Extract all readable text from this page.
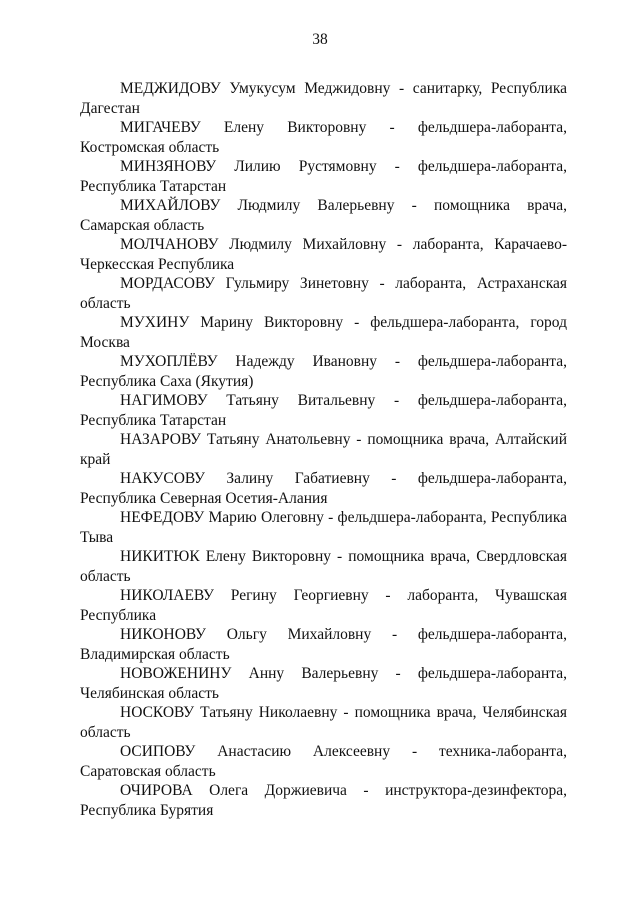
38

МЕДЖИДОВУ Умукусум Меджидовну - санитарку, Республика Дагестан

МИГАЧЕВУ Елену Викторовну - фельдшера-лаборанта, Костромская область

МИНЗЯНОВУ Лилию Рустямовну - фельдшера-лаборанта, Республика Татарстан

МИХАЙЛОВУ Людмилу Валерьевну - помощника врача, Самарская область

МОЛЧАНОВУ Людмилу Михайловну - лаборанта, Карачаево-Черкесская Республика

МОРДАСОВУ Гульмиру Зинетовну - лаборанта, Астраханская область

МУХИНУ Марину Викторовну - фельдшера-лаборанта, город Москва

МУХОПЛЁВУ Надежду Ивановну - фельдшера-лаборанта, Республика Саха (Якутия)

НАГИМОВУ Татьяну Витальевну - фельдшера-лаборанта, Республика Татарстан

НАЗАРОВУ Татьяну Анатольевну - помощника врача, Алтайский край

НАКУСОВУ Залину Габатиевну - фельдшера-лаборанта, Республика Северная Осетия-Алания

НЕФЕДОВУ Марию Олеговну - фельдшера-лаборанта, Республика Тыва

НИКИТЮК Елену Викторовну - помощника врача, Свердловская область

НИКОЛАЕВУ Регину Георгиевну - лаборанта, Чувашская Республика

НИКОНОВУ Ольгу Михайловну - фельдшера-лаборанта, Владимирская область

НОВОЖЕНИНУ Анну Валерьевну - фельдшера-лаборанта, Челябинская область

НОСКОВУ Татьяну Николаевну - помощника врача, Челябинская область

ОСИПОВУ Анастасию Алексеевну - техника-лаборанта, Саратовская область

ОЧИРОВА Олега Доржиевича - инструктора-дезинфектора, Республика Бурятия
